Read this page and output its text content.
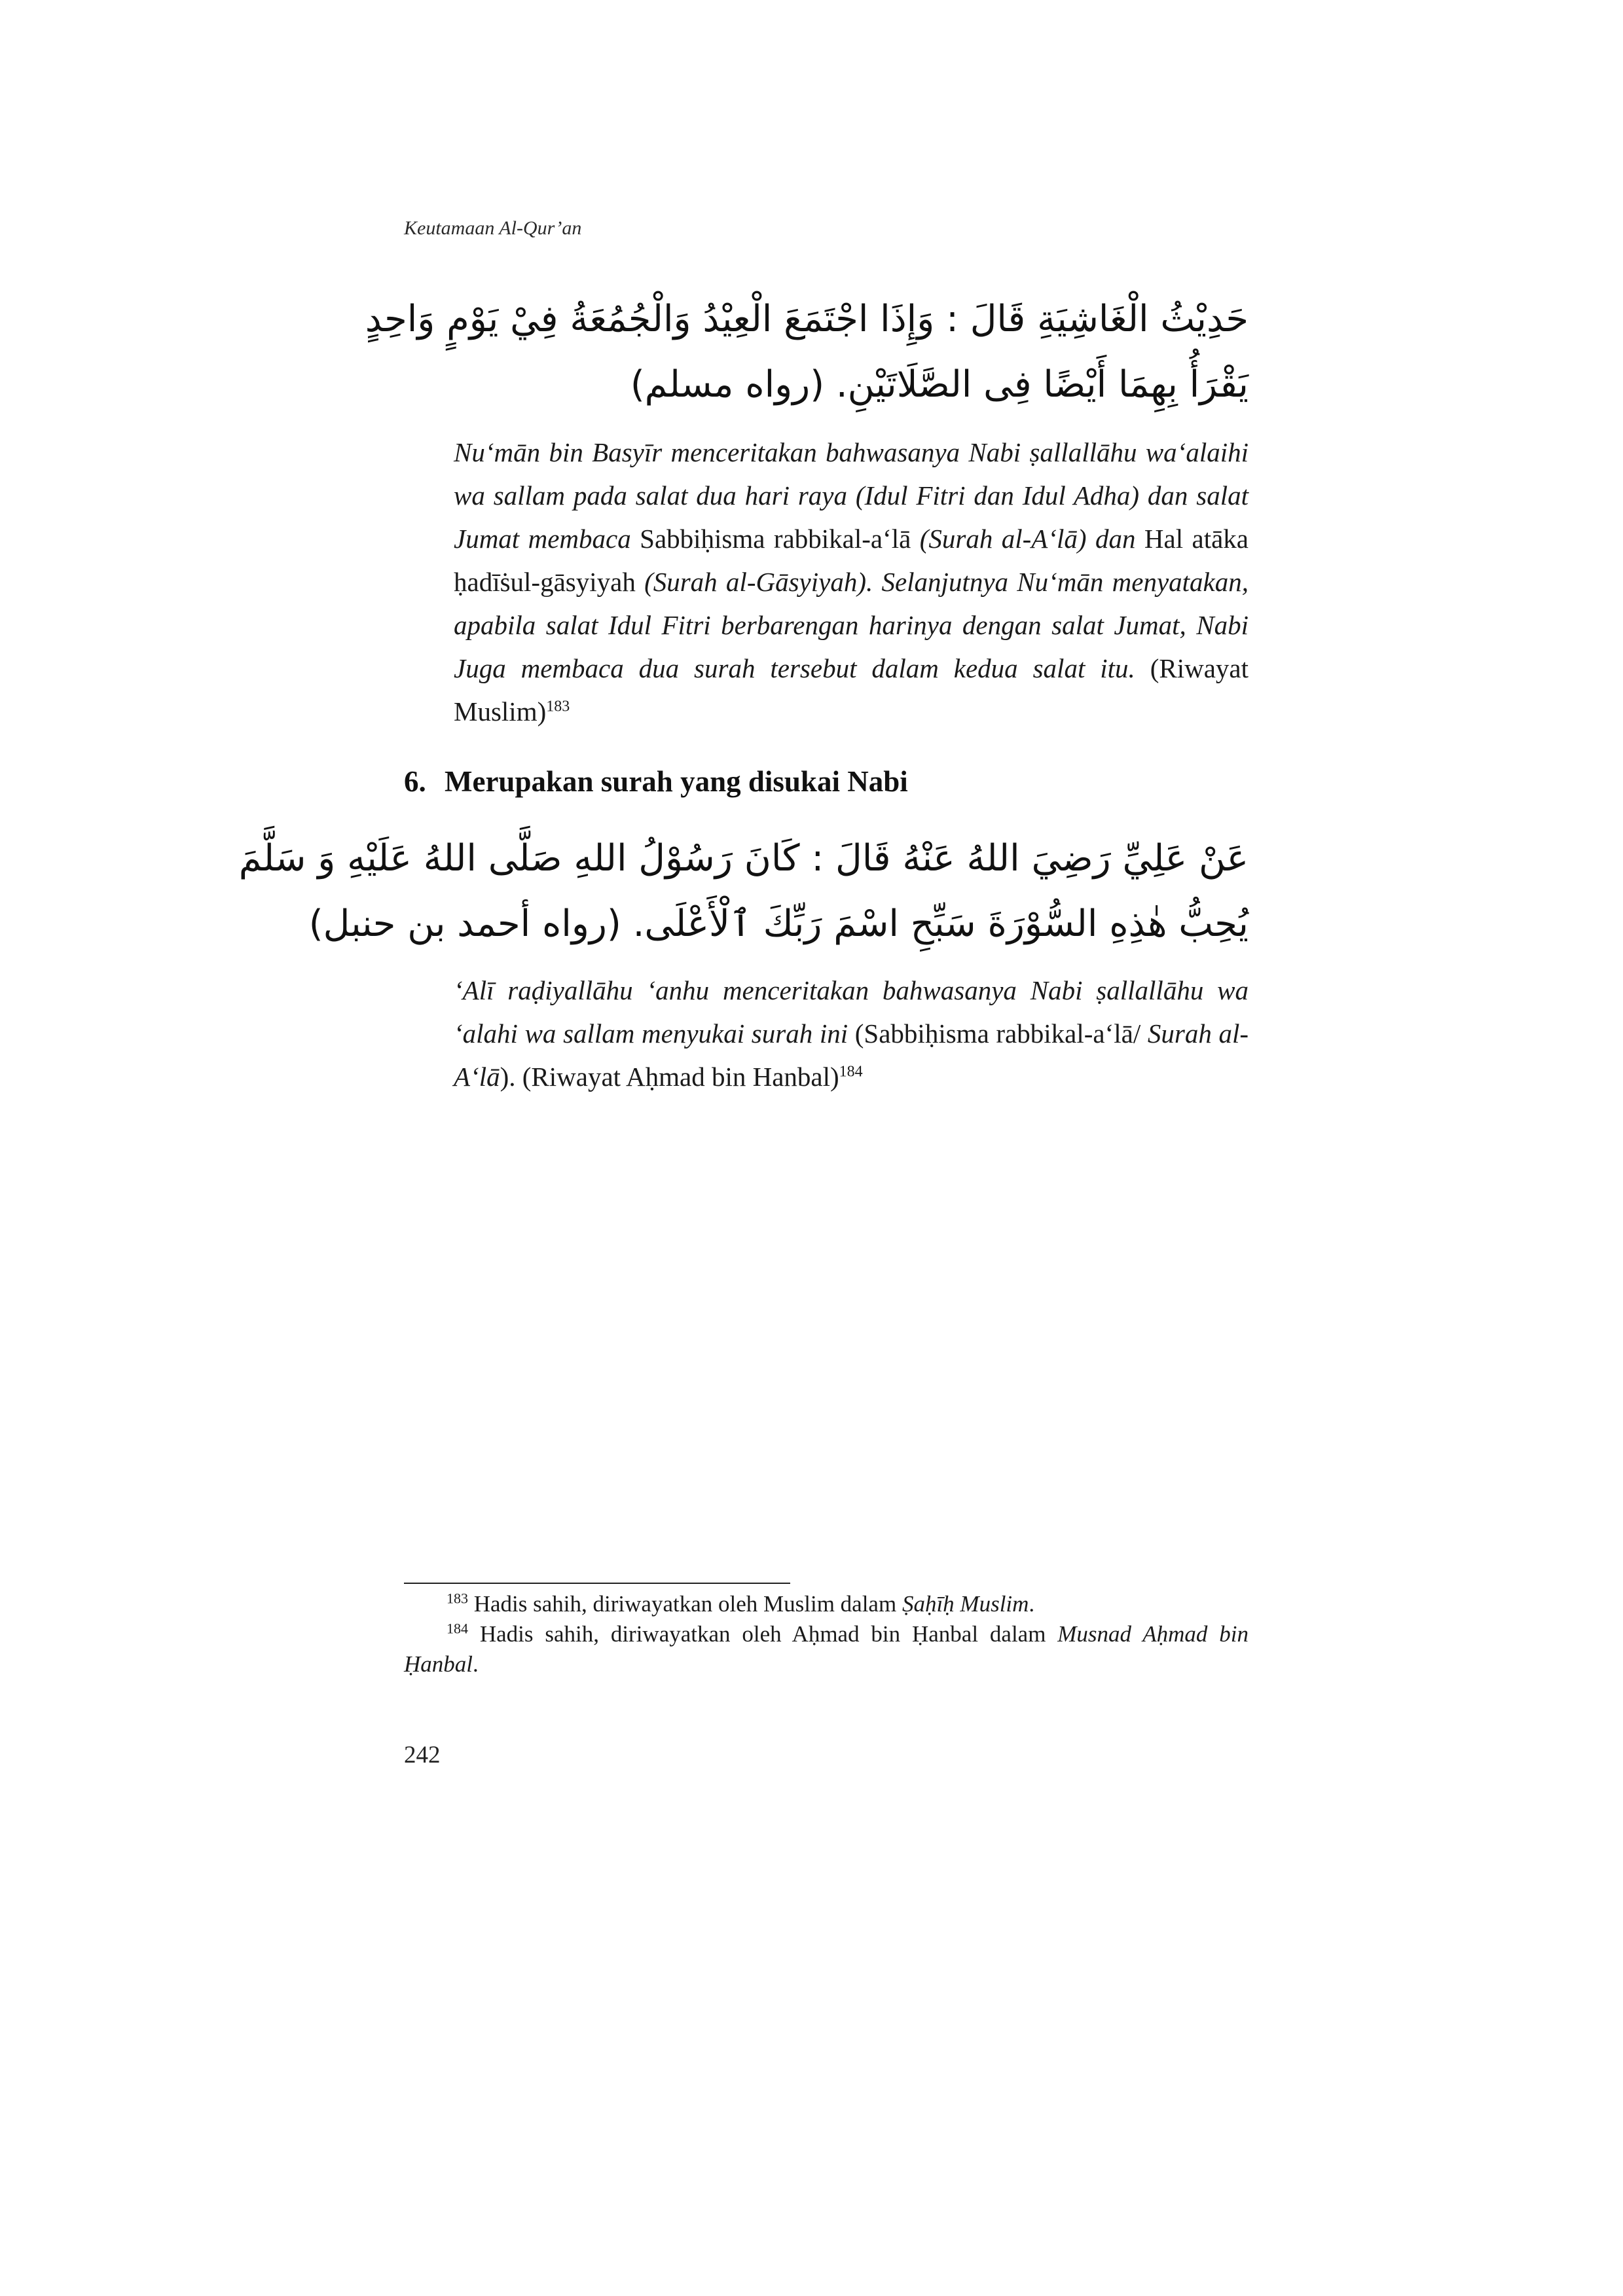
Keutamaan Al-Qur’an
حَدِيْثُ الْغَاشِيَةِ قَالَ : وَإِذَا اجْتَمَعَ الْعِيْدُ وَالْجُمُعَةُ فِيْ يَوْمٍ وَاحِدٍ
يَقْرَأُ بِهِمَا أَيْضًا فِى الصَّلَاتَيْنِ. (رواه مسلم)
Nu‘mān bin Basyīr menceritakan bahwasanya Nabi ṣallallāhu wa‘alaihi wa sallam pada salat dua hari raya (Idul Fitri dan Idul Adha) dan salat Jumat membaca Sabbiḥisma rabbikal-a‘lā (Surah al-A‘lā) dan Hal atāka ḥadīṡul-gāsyiyah (Surah al-Gāsyiyah). Selanjutnya Nu‘mān menyatakan, apabila salat Idul Fitri berbarengan harinya dengan salat Jumat, Nabi Juga membaca dua surah tersebut dalam kedua salat itu. (Riwayat Muslim)$^{183}$
6. Merupakan surah yang disukai Nabi
عَنْ عَلِيِّ رَضِيَ اللهُ عَنْهُ قَالَ : كَانَ رَسُوْلُ اللهِ صَلَّى اللهُ عَلَيْهِ وَ سَلَّمَ
يُحِبُّ هٰذِهِ السُّوْرَةَ سَبِّحِ اسْمَ رَبِّكَ ٱلْأَعْلَى. (رواه أحمد بن حنبل)
‘Alī raḍiyallāhu ‘anhu menceritakan bahwasanya Nabi ṣallallāhu wa ‘alahi wa sallam menyukai surah ini (Sabbiḥisma rabbikal-a‘lā/ Surah al-A‘lā). (Riwayat Aḥmad bin Hanbal)$^{184}$

$^{183}$ Hadis sahih, diriwayatkan oleh Muslim dalam Ṣaḥīḥ Muslim.

$^{184}$ Hadis sahih, diriwayatkan oleh Aḥmad bin Ḥanbal dalam Musnad Aḥmad bin Ḥanbal.

242
